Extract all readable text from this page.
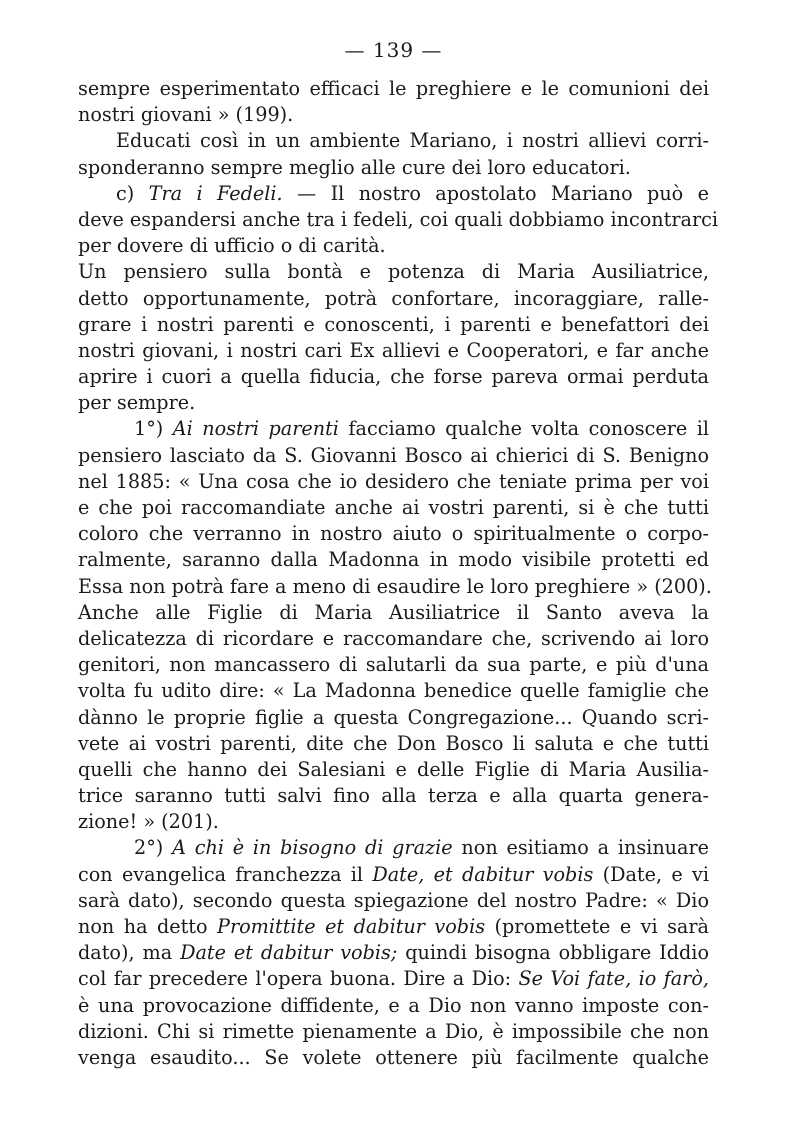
— 139 —
sempre esperimentato efficaci le preghiere e le comunioni dei
nostri giovani » (199).
Educati così in un ambiente Mariano, i nostri allievi corri-
sponderanno sempre meglio alle cure dei loro educatori.
c) Tra i Fedeli. — Il nostro apostolato Mariano può e
deve espandersi anche tra i fedeli, coi quali dobbiamo incontrarci
per dovere di ufficio o di carità.
Un pensiero sulla bontà e potenza di Maria Ausiliatrice,
detto opportunamente, potrà confortare, incoraggiare, ralle-
grare i nostri parenti e conoscenti, i parenti e benefattori dei
nostri giovani, i nostri cari Ex allievi e Cooperatori, e far anche
aprire i cuori a quella fiducia, che forse pareva ormai perduta
per sempre.
1°) Ai nostri parenti facciamo qualche volta conoscere il
pensiero lasciato da S. Giovanni Bosco ai chierici di S. Benigno
nel 1885: « Una cosa che io desidero che teniate prima per voi
e che poi raccomandiate anche ai vostri parenti, si è che tutti
coloro che verranno in nostro aiuto o spiritualmente o corpo-
ralmente, saranno dalla Madonna in modo visibile protetti ed
Essa non potrà fare a meno di esaudire le loro preghiere » (200).
Anche alle Figlie di Maria Ausiliatrice il Santo aveva la
delicatezza di ricordare e raccomandare che, scrivendo ai loro
genitori, non mancassero di salutarli da sua parte, e più d'una
volta fu udito dire: « La Madonna benedice quelle famiglie che
dànno le proprie figlie a questa Congregazione... Quando scri-
vete ai vostri parenti, dite che Don Bosco li saluta e che tutti
quelli che hanno dei Salesiani e delle Figlie di Maria Ausilia-
trice saranno tutti salvi fino alla terza e alla quarta genera-
zione! » (201).
2°) A chi è in bisogno di grazie non esitiamo a insinuare
con evangelica franchezza il Date, et dabitur vobis (Date, e vi
sarà dato), secondo questa spiegazione del nostro Padre: « Dio
non ha detto Promittite et dabitur vobis (promettete e vi sarà
dato), ma Date et dabitur vobis; quindi bisogna obbligare Iddio
col far precedere l'opera buona. Dire a Dio: Se Voi fate, io farò,
è una provocazione diffidente, e a Dio non vanno imposte con-
dizioni. Chi si rimette pienamente a Dio, è impossibile che non
venga esaudito... Se volete ottenere più facilmente qualche
